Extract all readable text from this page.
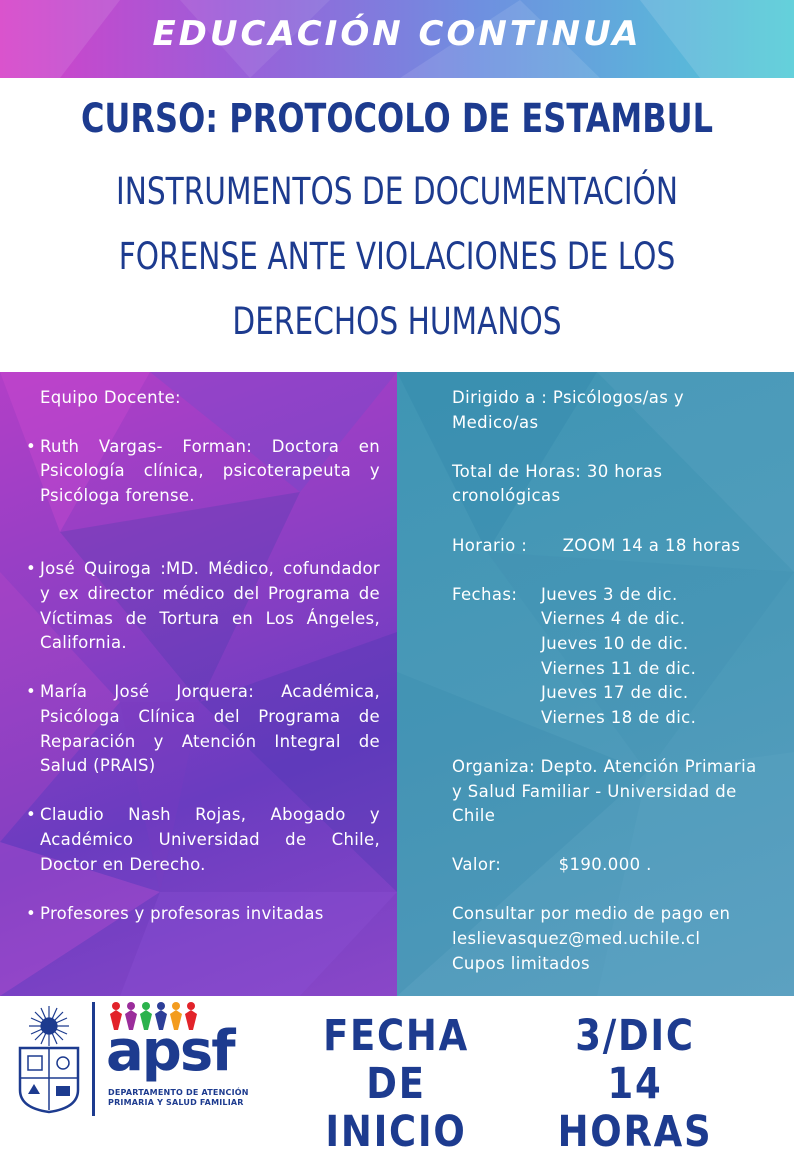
EDUCACIÓN CONTINUA
CURSO: PROTOCOLO DE ESTAMBUL
INSTRUMENTOS DE DOCUMENTACIÓN
FORENSE ANTE VIOLACIONES DE LOS
DERECHOS HUMANOS
Equipo Docente:
• Ruth Vargas- Forman: Doctora en Psicología clínica, psicoterapeuta y Psicóloga forense.
• José Quiroga :MD. Médico, cofundador y ex director médico del Programa de Víctimas de Tortura en Los Ángeles, California.
• María José Jorquera: Académica, Psicóloga Clínica del Programa de Reparación y Atención Integral de Salud (PRAIS)
• Claudio Nash Rojas, Abogado y Académico Universidad de Chile, Doctor en Derecho.
• Profesores y profesoras invitadas
Dirigido a : Psicólogos/as y Medico/as
Total de Horas: 30 horas cronológicas
Horario : ZOOM 14 a 18 horas
Fechas: Jueves 3 de dic.
Viernes 4 de dic.
Jueves 10 de dic.
Viernes 11 de dic.
Jueves 17 de dic.
Viernes 18 de dic.
Organiza: Depto. Atención Primaria y Salud Familiar - Universidad de Chile
Valor:	$190.000 .
Consultar por medio de pago en
leslievasquez@med.uchile.cl
Cupos limitados
apsf
DEPARTAMENTO DE ATENCIÓN
PRIMARIA Y SALUD FAMILIAR
FECHA DE
INICIO
3/DIC
14 HORAS
